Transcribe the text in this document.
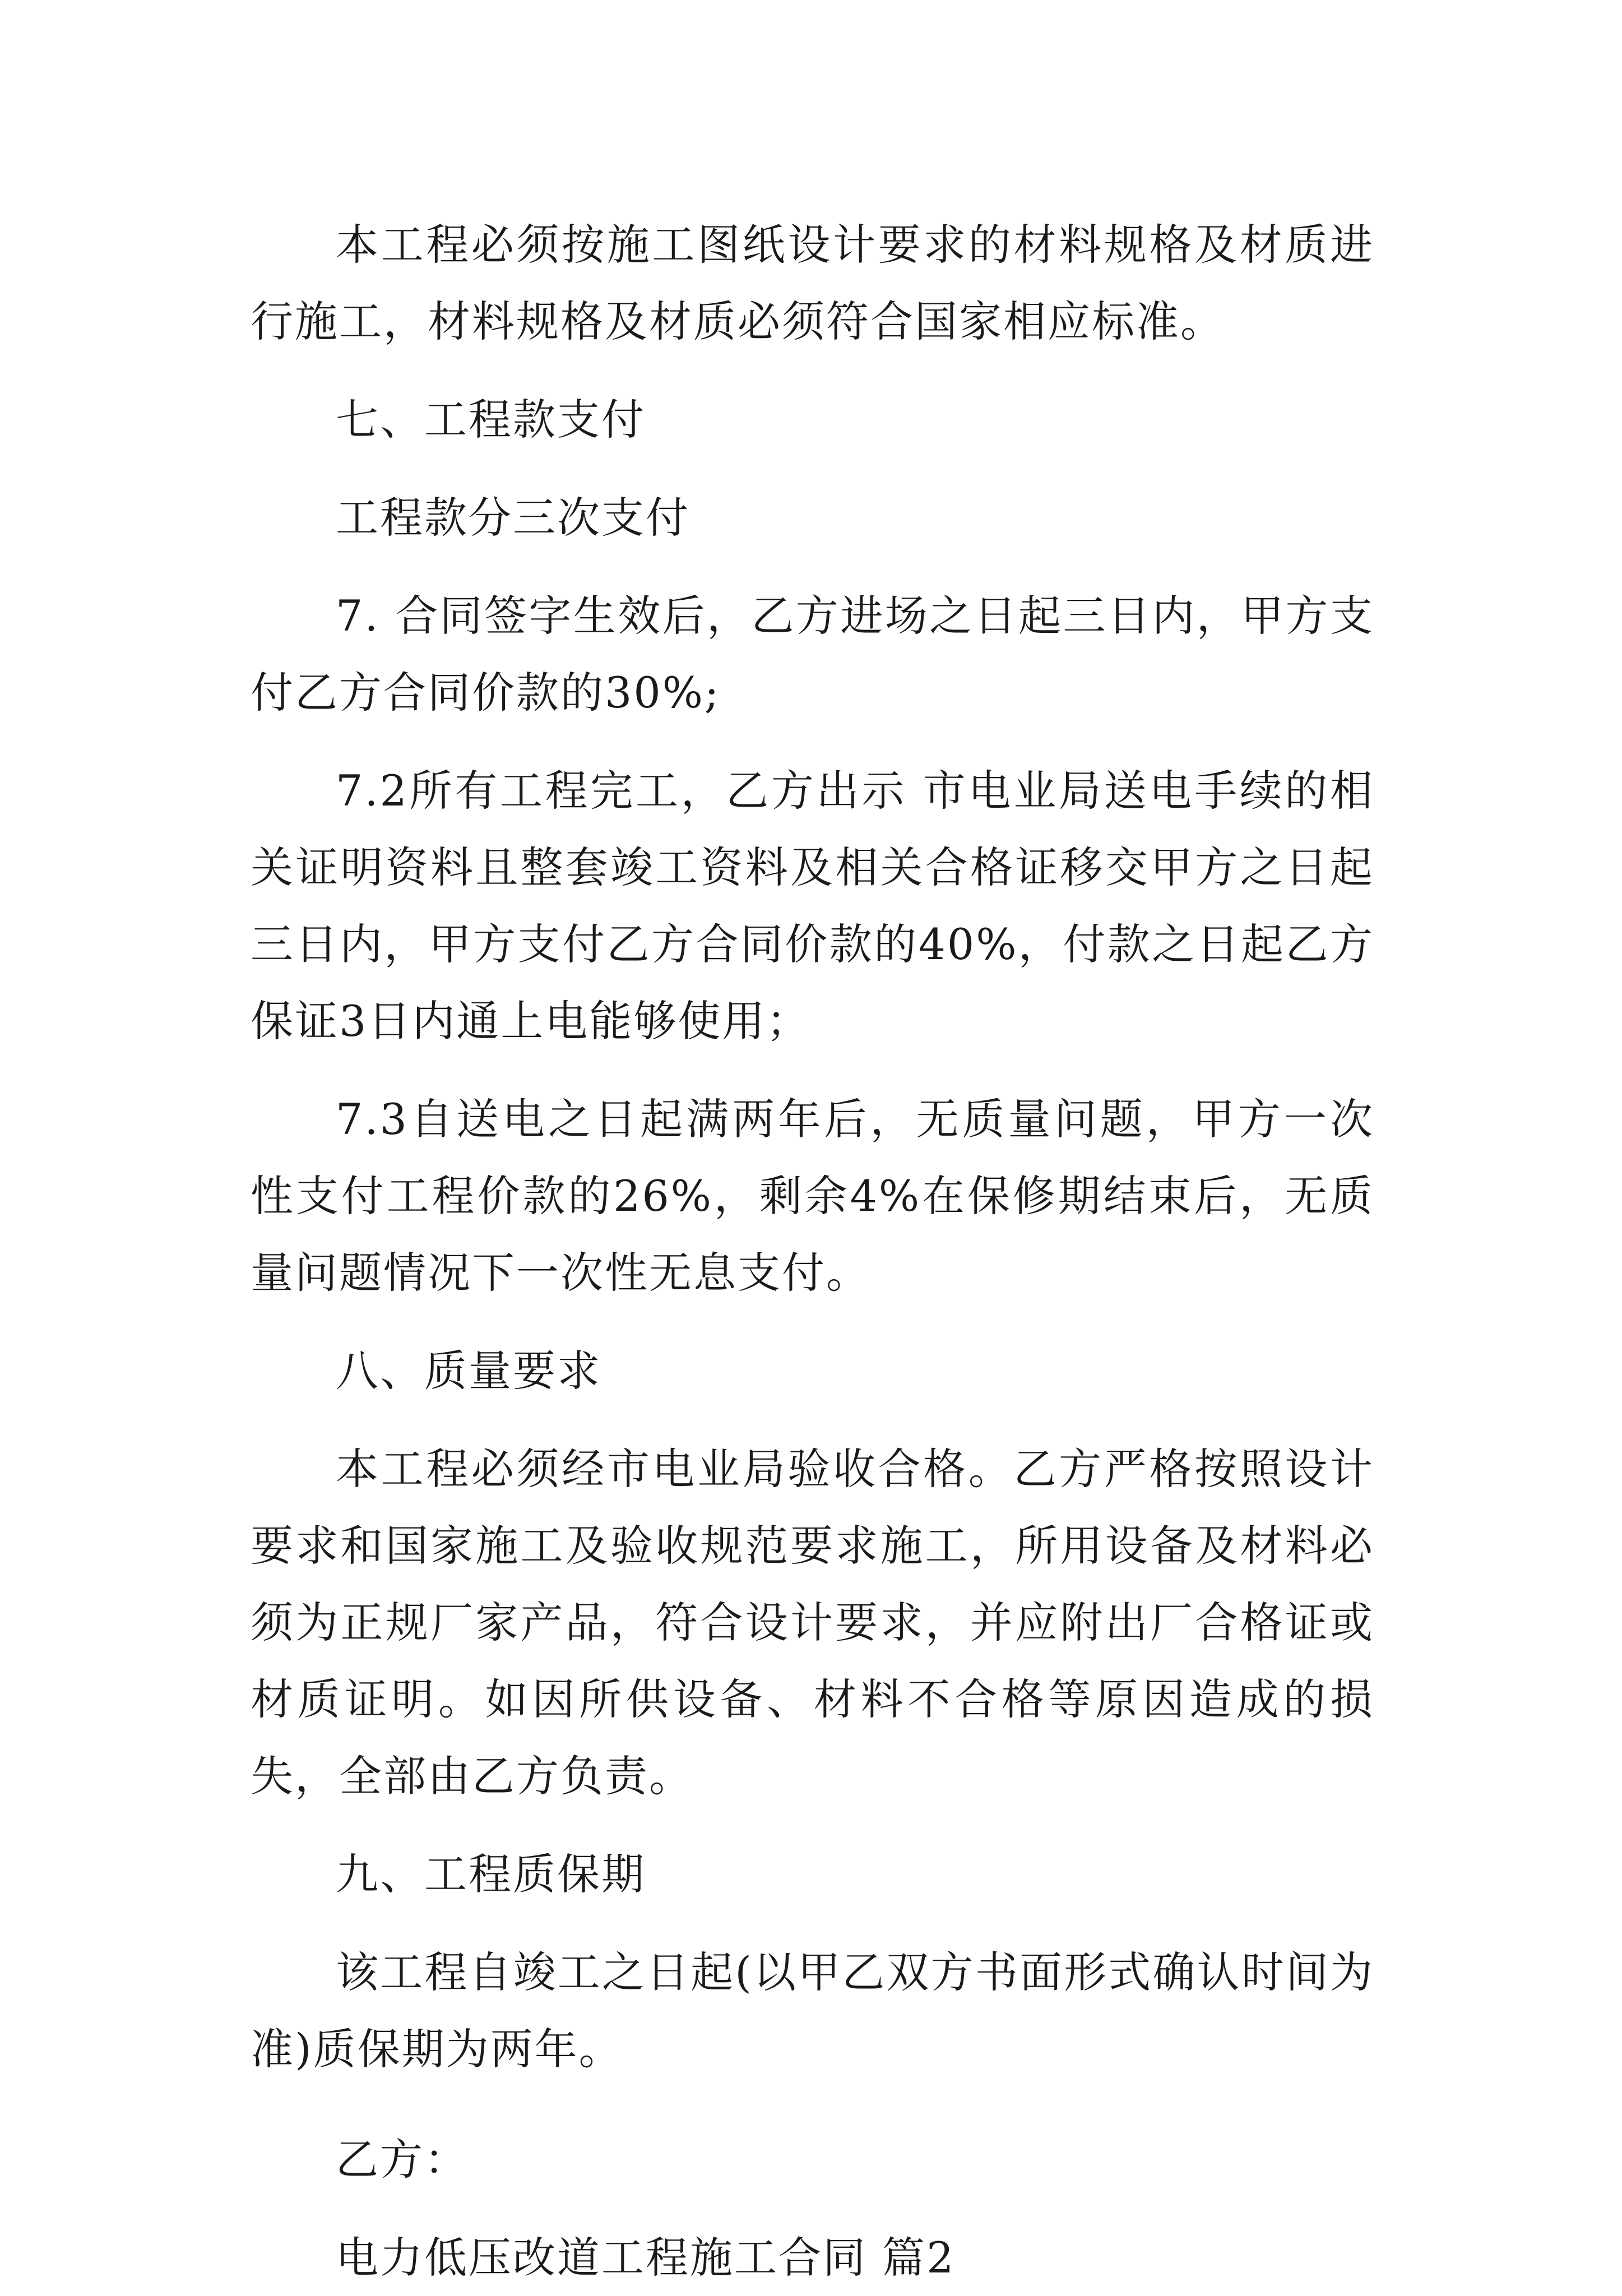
本工程必须按施工图纸设计要求的材料规格及材质进行施工，材料规格及材质必须符合国家相应标准。

七、工程款支付

工程款分三次支付

7. 合同签字生效后，乙方进场之日起三日内，甲方支付乙方合同价款的30%;

7.2所有工程完工，乙方出示 市电业局送电手续的相关证明资料且整套竣工资料及相关合格证移交甲方之日起三日内，甲方支付乙方合同价款的40%，付款之日起乙方保证3日内通上电能够使用；

7.3自送电之日起满两年后，无质量问题，甲方一次性支付工程价款的26%，剩余4%在保修期结束后，无质量问题情况下一次性无息支付。

八、质量要求

本工程必须经市电业局验收合格。乙方严格按照设计要求和国家施工及验收规范要求施工，所用设备及材料必须为正规厂家产品，符合设计要求，并应附出厂合格证或材质证明。如因所供设备、材料不合格等原因造成的损失，全部由乙方负责。

九、工程质保期

该工程自竣工之日起(以甲乙双方书面形式确认时间为准)质保期为两年。

乙方：

电力低压改道工程施工合同 篇2
